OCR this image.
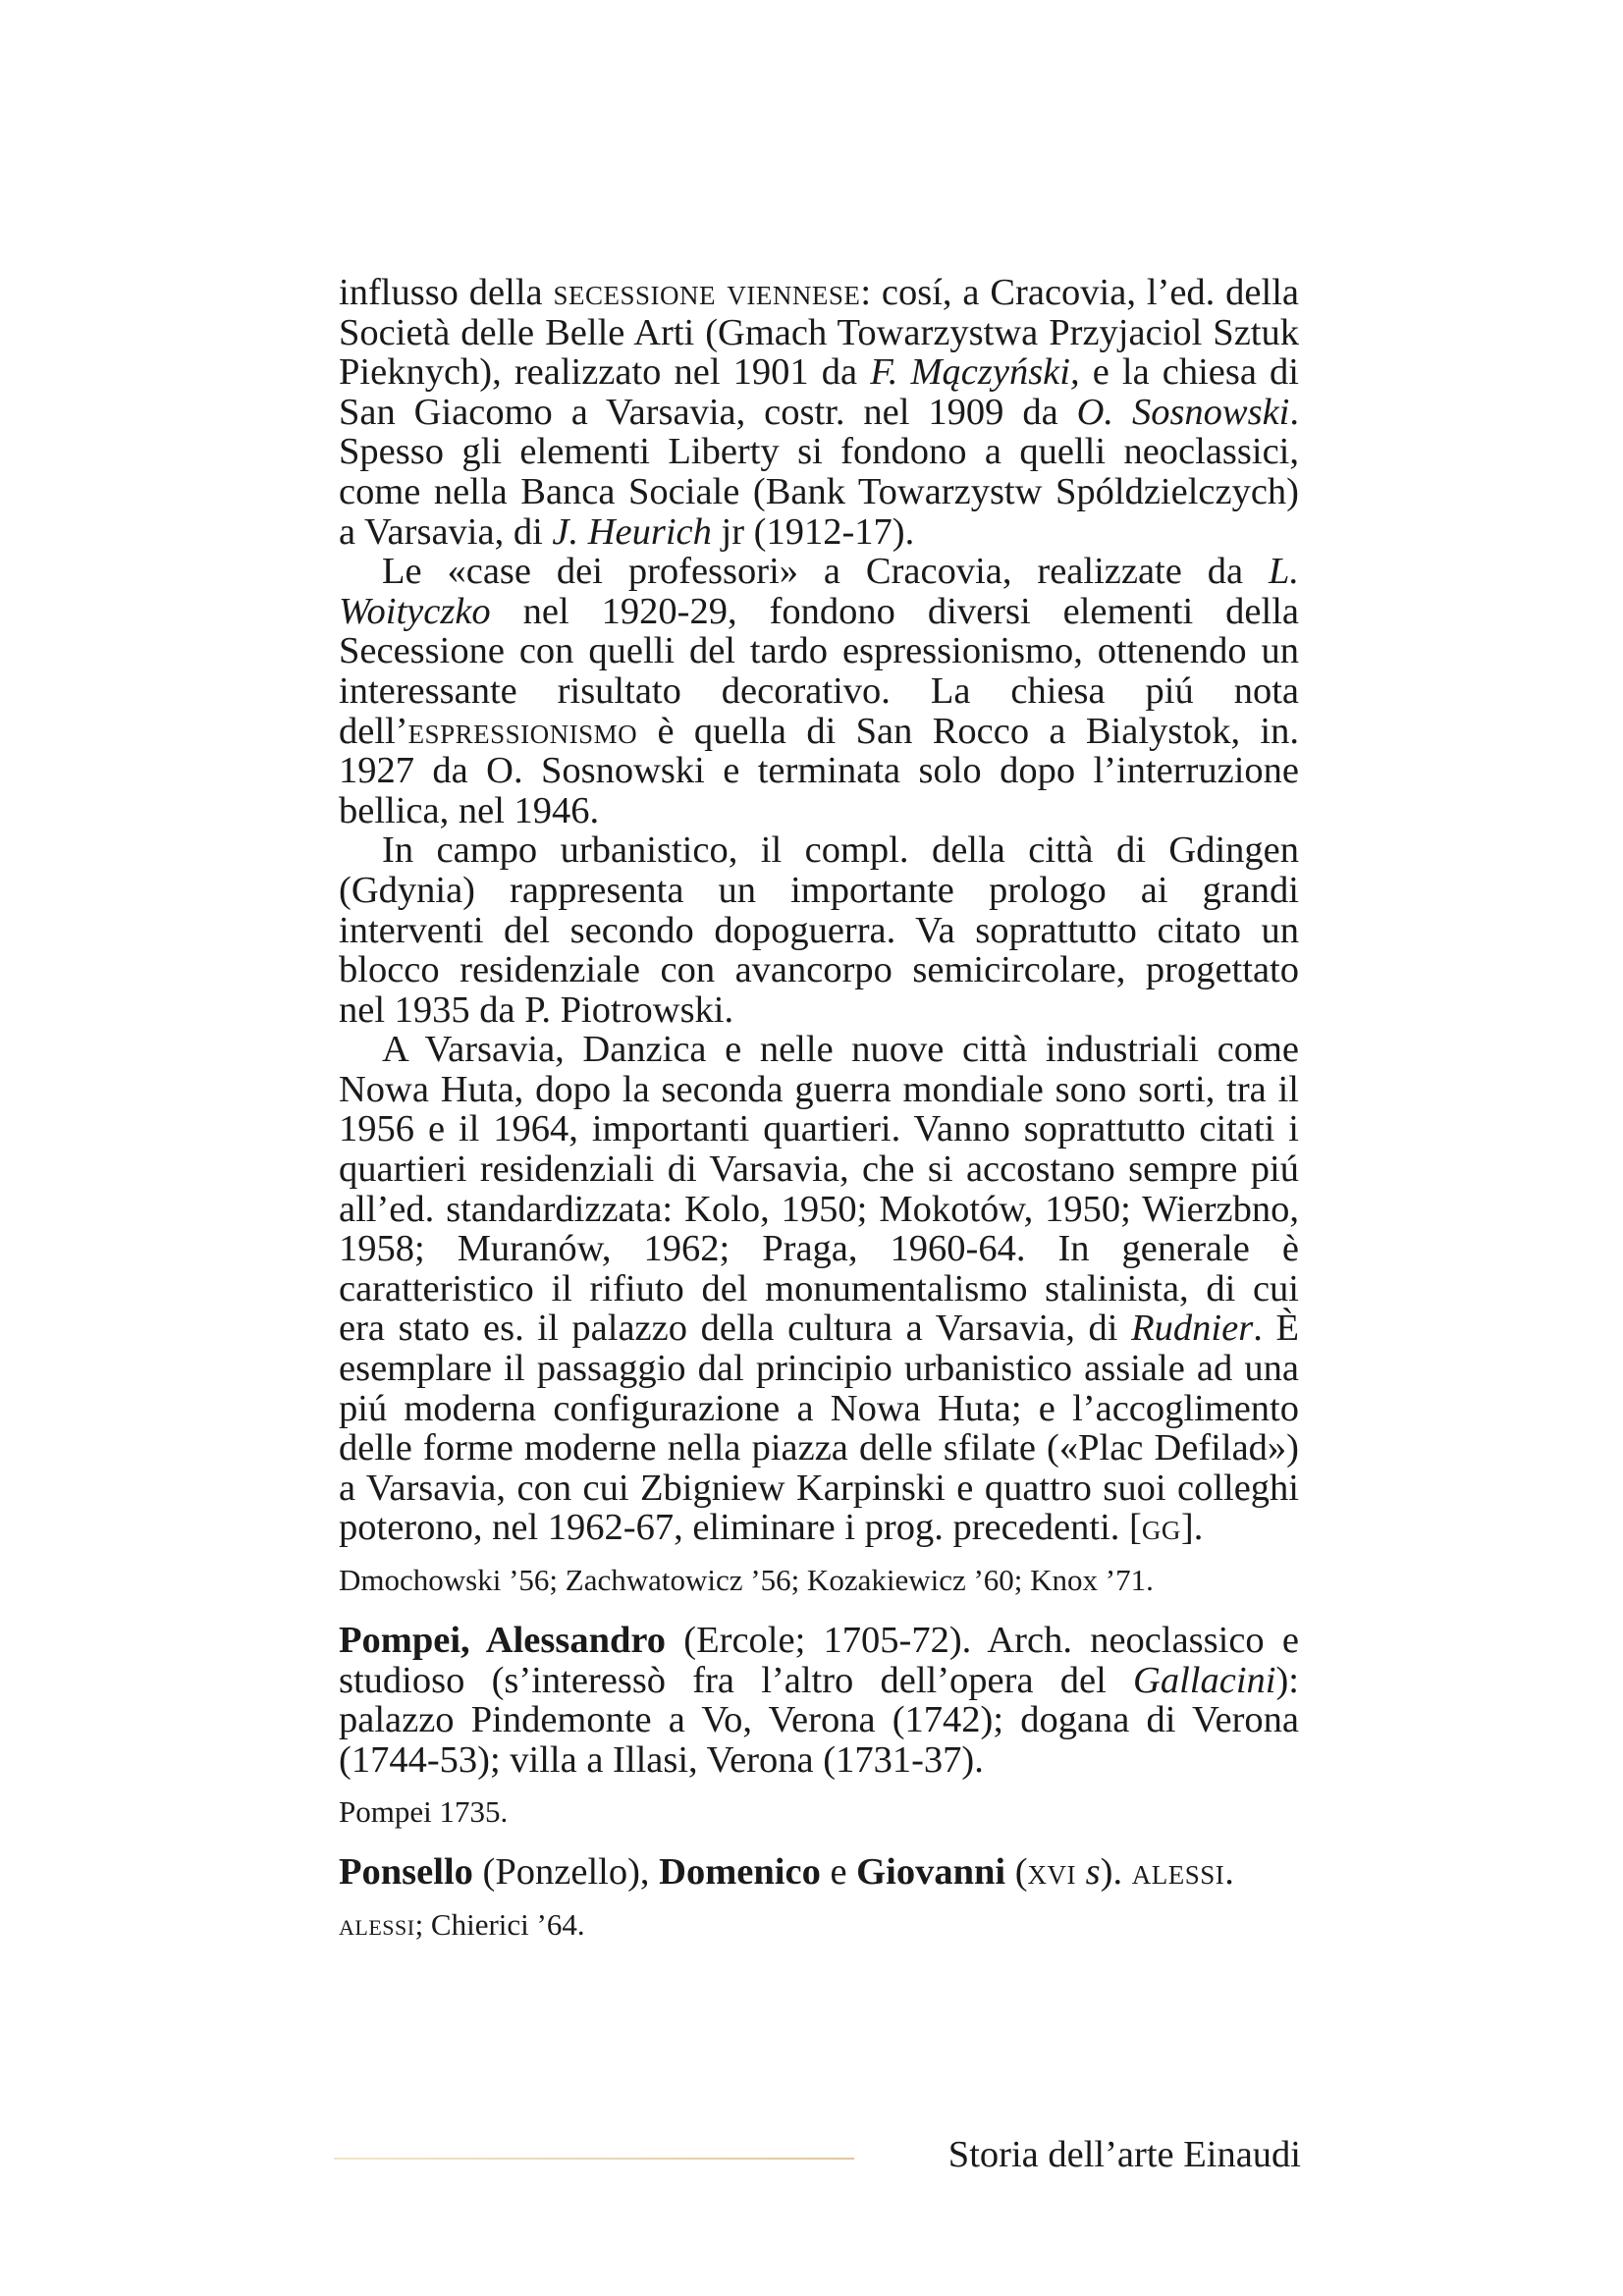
influsso della secessione viennese: cosí, a Cracovia, l’ed. della Società delle Belle Arti (Gmach Towarzystwa Przyjaciol Sztuk Pieknych), realizzato nel 1901 da F. Mączyński, e la chiesa di San Giacomo a Varsavia, costr. nel 1909 da O. Sosnowski. Spesso gli elementi Liberty si fondono a quelli neoclassici, come nella Banca Sociale (Bank Towarzystw Spóldzielczych) a Varsavia, di J. Heurich jr (1912-17).

Le «case dei professori» a Cracovia, realizzate da L. Woityczko nel 1920-29, fondono diversi elementi della Secessione con quelli del tardo espressionismo, ottenendo un interessante risultato decorativo. La chiesa piú nota dell’espressionismo è quella di San Rocco a Bialystok, in. 1927 da O. Sosnowski e terminata solo dopo l’interruzione bellica, nel 1946.

In campo urbanistico, il compl. della città di Gdingen (Gdynia) rappresenta un importante prologo ai grandi interventi del secondo dopoguerra. Va soprattutto citato un blocco residenziale con avancorpo semicircolare, progettato nel 1935 da P. Piotrowski.

A Varsavia, Danzica e nelle nuove città industriali come Nowa Huta, dopo la seconda guerra mondiale sono sorti, tra il 1956 e il 1964, importanti quartieri. Vanno soprattutto citati i quartieri residenziali di Varsavia, che si accostano sempre piú all’ed. standardizzata: Kolo, 1950; Mokotów, 1950; Wierzbno, 1958; Muranów, 1962; Praga, 1960-64. In generale è caratteristico il rifiuto del monumentalismo stalinista, di cui era stato es. il palazzo della cultura a Varsavia, di Rudnier. È esemplare il passaggio dal principio urbanistico assiale ad una piú moderna configurazione a Nowa Huta; e l’accoglimento delle forme moderne nella piazza delle sfilate («Plac Defilad») a Varsavia, con cui Zbigniew Karpinski e quattro suoi colleghi poterono, nel 1962-67, eliminare i prog. precedenti. [gg].

Dmochowski ’56; Zachwatowicz ’56; Kozakiewicz ’60; Knox ’71.

Pompei, Alessandro (Ercole; 1705-72). Arch. neoclassico e studioso (s’interessò fra l’altro dell’opera del Gallacini): palazzo Pindemonte a Vo, Verona (1742); dogana di Verona (1744-53); villa a Illasi, Verona (1731-37).

Pompei 1735.

Ponsello (Ponzello), Domenico e Giovanni (xvi s). alessi.

alessi; Chierici ’64.

Storia dell’arte Einaudi
